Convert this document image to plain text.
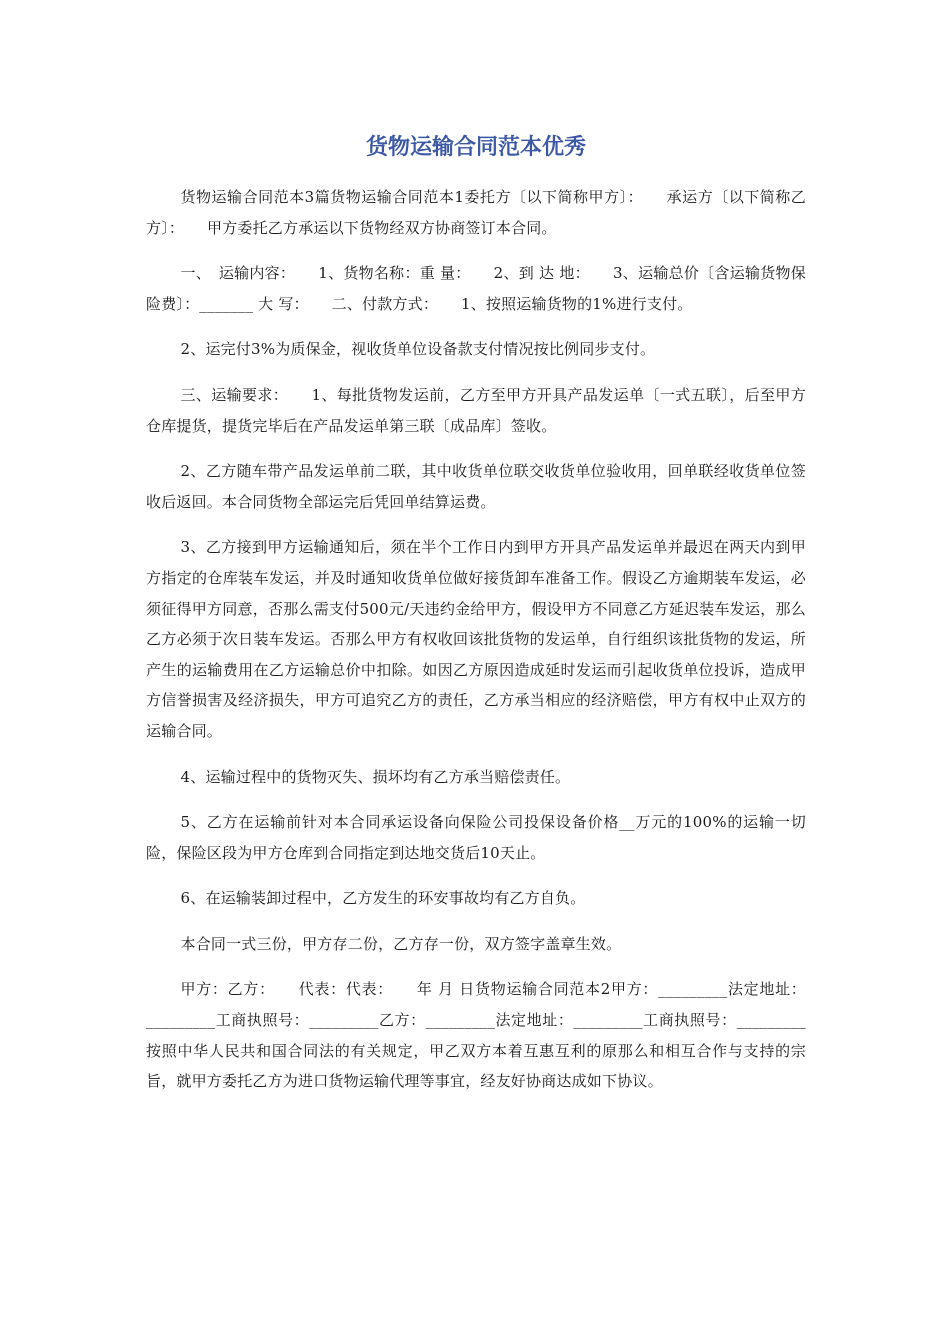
货物运输合同范本优秀

货物运输合同范本3篇货物运输合同范本1委托方〔以下简称甲方〕：　　承运方〔以下简称乙方〕：　　甲方委托乙方承运以下货物经双方协商签订本合同。

一、　运输内容：　　1、货物名称：重 量：　　2、到 达 地：　　3、运输总价〔含运输货物保险费〕：_______ 大 写：　　二、付款方式：　　1、按照运输货物的1%进行支付。

2、运完付3%为质保金，视收货单位设备款支付情况按比例同步支付。

三、运输要求：　　1、每批货物发运前，乙方至甲方开具产品发运单〔一式五联〕，后至甲方仓库提货，提货完毕后在产品发运单第三联〔成品库〕签收。

2、乙方随车带产品发运单前二联，其中收货单位联交收货单位验收用，回单联经收货单位签收后返回。本合同货物全部运完后凭回单结算运费。

3、乙方接到甲方运输通知后，须在半个工作日内到甲方开具产品发运单并最迟在两天内到甲方指定的仓库装车发运，并及时通知收货单位做好接货卸车准备工作。假设乙方逾期装车发运，必须征得甲方同意，否那么需支付500元/天违约金给甲方，假设甲方不同意乙方延迟装车发运，那么乙方必须于次日装车发运。否那么甲方有权收回该批货物的发运单，自行组织该批货物的发运，所产生的运输费用在乙方运输总价中扣除。如因乙方原因造成延时发运而引起收货单位投诉，造成甲方信誉损害及经济损失，甲方可追究乙方的责任，乙方承当相应的经济赔偿，甲方有权中止双方的运输合同。

4、运输过程中的货物灭失、损坏均有乙方承当赔偿责任。

5、乙方在运输前针对本合同承运设备向保险公司投保设备价格__万元的100%的运输一切险，保险区段为甲方仓库到合同指定到达地交货后10天止。

6、在运输装卸过程中，乙方发生的环安事故均有乙方自负。

本合同一式三份，甲方存二份，乙方存一份，双方签字盖章生效。

甲方：乙方：　　代表：代表：　　年 月 日货物运输合同范本2甲方：_________法定地址：_________工商执照号：_________乙方：_________法定地址：_________工商执照号：_________按照中华人民共和国合同法的有关规定，甲乙双方本着互惠互利的原那么和相互合作与支持的宗旨，就甲方委托乙方为进口货物运输代理等事宜，经友好协商达成如下协议。
